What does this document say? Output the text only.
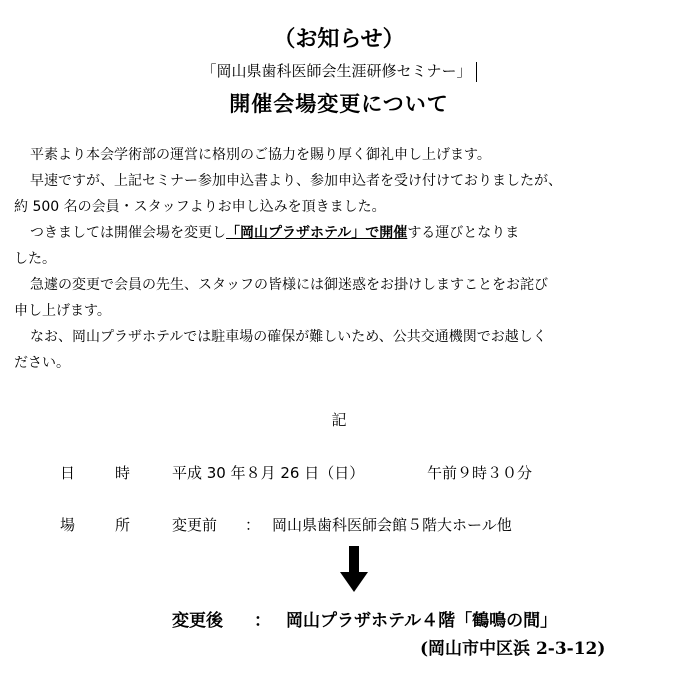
（お知らせ）
「岡山県歯科医師会生涯研修セミナー」
開催会場変更について
平素より本会学術部の運営に格別のご協力を賜り厚く御礼申し上げます。
早速ですが、上記セミナー参加申込書より、参加申込者を受け付けておりましたが、
約 500 名の会員・スタッフよりお申し込みを頂きました。
つきましては開催会場を変更し「岡山プラザホテル」で開催する運びとなりま
した。
急遽の変更で会員の先生、スタッフの皆様には御迷惑をお掛けしますことをお詫び
申し上げます。
なお、岡山プラザホテルでは駐車場の確保が難しいため、公共交通機関でお越しく
ださい。
記
日	時	平成 30 年８月 26 日（日）	午前９時３０分
場	所	変更前 ： 岡山県歯科医師会館５階大ホール他
変更後 ： 岡山プラザホテル４階「鶴鳴の間」
(岡山市中区浜 2-3-12)
